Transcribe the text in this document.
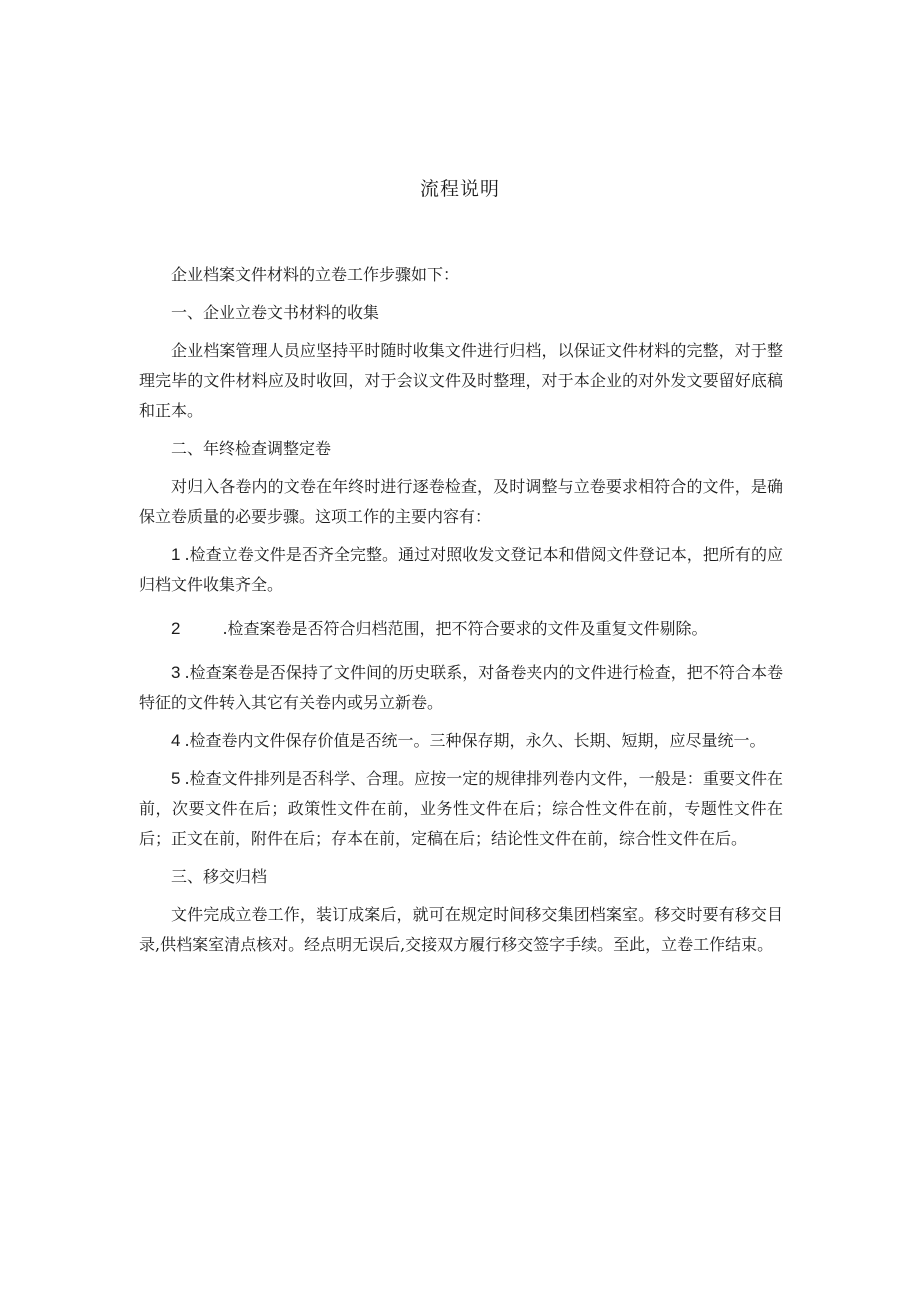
流程说明

企业档案文件材料的立卷工作步骤如下：

一、企业立卷文书材料的收集

企业档案管理人员应坚持平时随时收集文件进行归档，以保证文件材料的完整，对于整理完毕的文件材料应及时收回，对于会议文件及时整理，对于本企业的对外发文要留好底稿和正本。

二、年终检查调整定卷

对归入各卷内的文卷在年终时进行逐卷检查，及时调整与立卷要求相符合的文件，是确保立卷质量的必要步骤。这项工作的主要内容有：

1 .检查立卷文件是否齐全完整。通过对照收发文登记本和借阅文件登记本，把所有的应归档文件收集齐全。

2	.检查案卷是否符合归档范围，把不符合要求的文件及重复文件剔除。

3 .检查案卷是否保持了文件间的历史联系，对备卷夹内的文件进行检查，把不符合本卷特征的文件转入其它有关卷内或另立新卷。

4 .检查卷内文件保存价值是否统一。三种保存期，永久、长期、短期，应尽量统一。

5 .检查文件排列是否科学、合理。应按一定的规律排列卷内文件，一般是：重要文件在前，次要文件在后；政策性文件在前，业务性文件在后；综合性文件在前，专题性文件在后；正文在前，附件在后；存本在前，定稿在后；结论性文件在前，综合性文件在后。

三、移交归档

文件完成立卷工作，装订成案后，就可在规定时间移交集团档案室。移交时要有移交目录,供档案室清点核对。经点明无误后,交接双方履行移交签字手续。至此，立卷工作结束。
